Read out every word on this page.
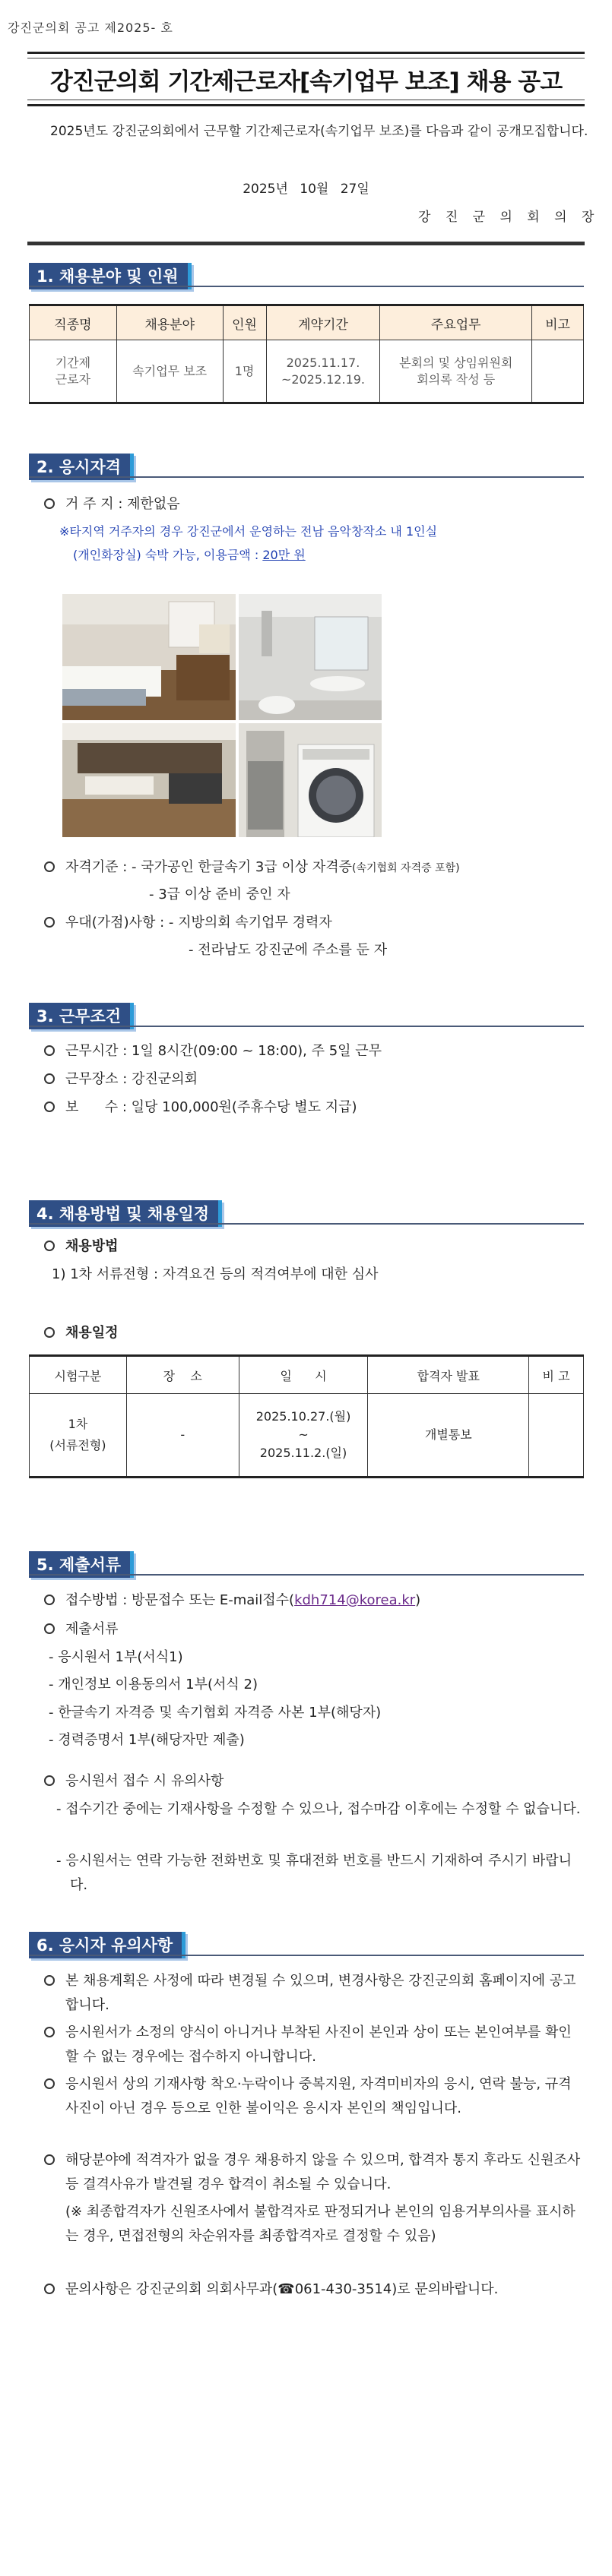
강진군의회 공고 제2025- 호
강진군의회 기간제근로자[속기업무 보조] 채용 공고
2025년도 강진군의회에서 근무할 기간제근로자(속기업무 보조)를 다음과 같이 공개모집합니다.
2025년 10월 27일
강 진 군 의 회 의 장
1. 채용분야 및 인원
직종명	채용분야	인원	계약기간	주요업무	비고
기간제
근로자	속기업무 보조	1명	2025.11.17.
~2025.12.19.	본회의 및 상임위원회
회의록 작성 등	
2. 응시자격
거 주 지 : 제한없음
※타지역 거주자의 경우 강진군에서 운영하는 전남 음악창작소 내 1인실
(개인화장실) 숙박 가능, 이용금액 : 20만 원
자격기준 : - 국가공인 한글속기 3급 이상 자격증(속기협회 자격증 포함)
- 3급 이상 준비 중인 자
우대(가점)사항 : - 지방의회 속기업무 경력자
- 전라남도 강진군에 주소를 둔 자
3. 근무조건
근무시간 : 1일 8시간(09:00 ~ 18:00), 주 5일 근무
근무장소 : 강진군의회
보      수 : 일당 100,000원(주휴수당 별도 지급)
4. 채용방법 및 채용일정
채용방법
1) 1차 서류전형 : 자격요건 등의 적격여부에 대한 심사
채용일정
시험구분	장    소	일      시	합격자 발표	비 고
1차
(서류전형)	-	2025.10.27.(월)
~
2025.11.2.(일)	개별통보	
5. 제출서류
접수방법 : 방문접수 또는 E-mail접수(kdh714@korea.kr)
제출서류
- 응시원서 1부(서식1)
- 개인정보 이용동의서 1부(서식 2)
- 한글속기 자격증 및 속기협회 자격증 사본 1부(해당자)
- 경력증명서 1부(해당자만 제출)
응시원서 접수 시 유의사항
- 접수기간 중에는 기재사항을 수정할 수 있으나, 접수마감 이후에는 수정할 수 없습니다.
- 응시원서는 연락 가능한 전화번호 및 휴대전화 번호를 반드시 기재하여 주시기 바랍니다.
6. 응시자 유의사항
본 채용계획은 사정에 따라 변경될 수 있으며, 변경사항은 강진군의회 홈페이지에 공고합니다.
응시원서가 소정의 양식이 아니거나 부착된 사진이 본인과 상이 또는 본인여부를 확인할 수 없는 경우에는 접수하지 아니합니다.
응시원서 상의 기재사항 착오·누락이나 중복지원, 자격미비자의 응시, 연락 불능, 규격 사진이 아닌 경우 등으로 인한 불이익은 응시자 본인의 책임입니다.
해당분야에 적격자가 없을 경우 채용하지 않을 수 있으며, 합격자 통지 후라도 신원조사 등 결격사유가 발견될 경우 합격이 취소될 수 있습니다.
(※ 최종합격자가 신원조사에서 불합격자로 판정되거나 본인의 임용거부의사를 표시하는 경우, 면접전형의 차순위자를 최종합격자로 결정할 수 있음)
문의사항은 강진군의회 의회사무과(☎061-430-3514)로 문의바랍니다.
